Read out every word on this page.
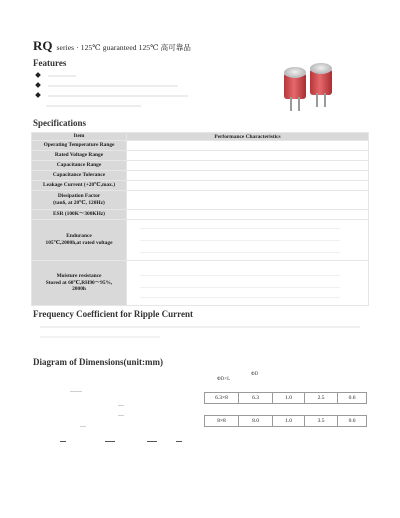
RQ series · 125℃ guaranteed 125℃ 高可靠品
Features
Specifications
Item	Performance Characteristics
Operating Temperature Range	
Rated Voltage Range	
Capacitance Range	
Capacitance Tolerance	
Leakage Current (+20℃,max.)	
Dissipation Factor
(tanδ, at 20℃, 120Hz)	
ESR (100K～300KHz)	
Endurance
105℃,2000h,at rated voltage	
Moisture resistance
Stored at 60℃,RH90～95%,
2000h	
Frequency Coefficient for Ripple Current
Diagram of Dimensions(unit:mm)
ΦD×L
ΦD
6.3×8	6.3	1.0	2.5	0.6
8×8	8.0	1.0	3.5	0.6
